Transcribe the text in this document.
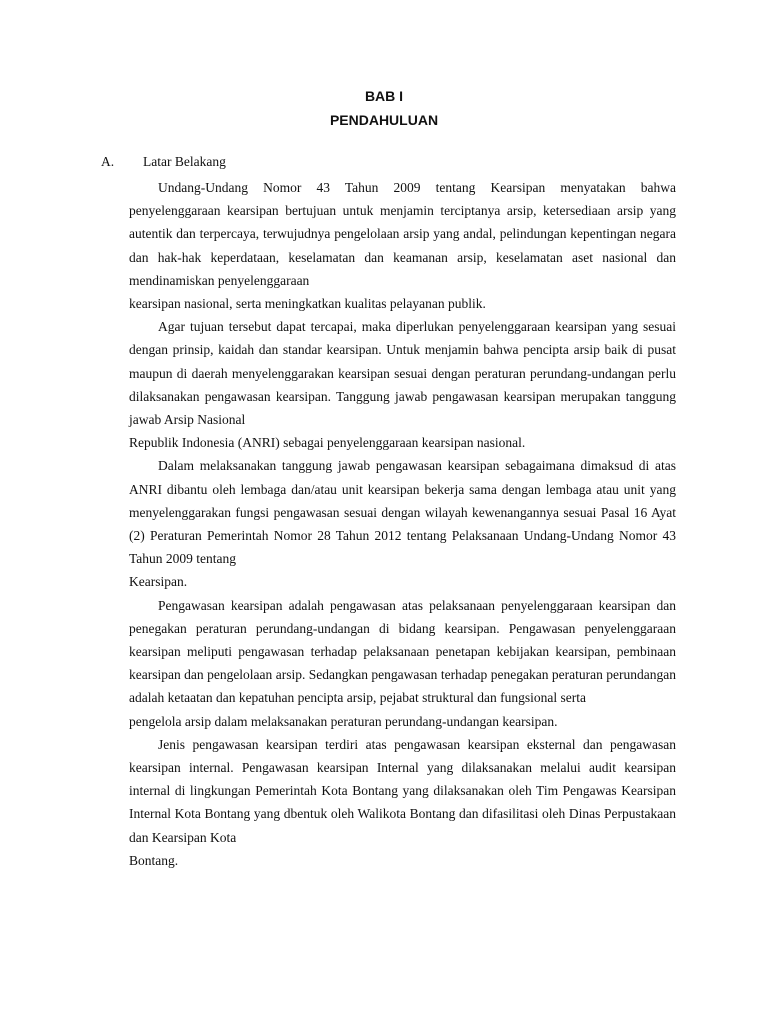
BAB I
PENDAHULUAN
A. Latar Belakang

Undang-Undang Nomor 43 Tahun 2009 tentang Kearsipan menyatakan bahwa penyelenggaraan kearsipan bertujuan untuk menjamin terciptanya arsip, ketersediaan arsip yang autentik dan terpercaya, terwujudnya pengelolaan arsip yang andal, pelindungan kepentingan negara dan hak-hak keperdataan, keselamatan dan keamanan arsip, keselamatan aset nasional dan mendinamiskan penyelenggaraan

kearsipan nasional, serta meningkatkan kualitas pelayanan publik.

Agar tujuan tersebut dapat tercapai, maka diperlukan penyelenggaraan kearsipan yang sesuai dengan prinsip, kaidah dan standar kearsipan. Untuk menjamin bahwa pencipta arsip baik di pusat maupun di daerah menyelenggarakan kearsipan sesuai dengan peraturan perundang-undangan perlu dilaksanakan pengawasan kearsipan. Tanggung jawab pengawasan kearsipan merupakan tanggung jawab Arsip Nasional

Republik Indonesia (ANRI) sebagai penyelenggaraan kearsipan nasional.

Dalam melaksanakan tanggung jawab pengawasan kearsipan sebagaimana dimaksud di atas ANRI dibantu oleh lembaga dan/atau unit kearsipan bekerja sama dengan lembaga atau unit yang menyelenggarakan fungsi pengawasan sesuai dengan wilayah kewenangannya sesuai Pasal 16 Ayat (2) Peraturan Pemerintah Nomor 28 Tahun 2012 tentang Pelaksanaan Undang-Undang Nomor 43 Tahun 2009 tentang

Kearsipan.

Pengawasan kearsipan adalah pengawasan atas pelaksanaan penyelenggaraan kearsipan dan penegakan peraturan perundang-undangan di bidang kearsipan. Pengawasan penyelenggaraan kearsipan meliputi pengawasan terhadap pelaksanaan penetapan kebijakan kearsipan, pembinaan kearsipan dan pengelolaan arsip. Sedangkan pengawasan terhadap penegakan peraturan perundangan adalah ketaatan dan kepatuhan pencipta arsip, pejabat struktural dan fungsional serta

pengelola arsip dalam melaksanakan peraturan perundang-undangan kearsipan.

Jenis pengawasan kearsipan terdiri atas pengawasan kearsipan eksternal dan pengawasan kearsipan internal. Pengawasan kearsipan Internal yang dilaksanakan melalui audit kearsipan internal di lingkungan Pemerintah Kota Bontang yang dilaksanakan oleh Tim Pengawas Kearsipan Internal Kota Bontang yang dbentuk oleh Walikota Bontang dan difasilitasi oleh Dinas Perpustakaan dan Kearsipan Kota

Bontang.
